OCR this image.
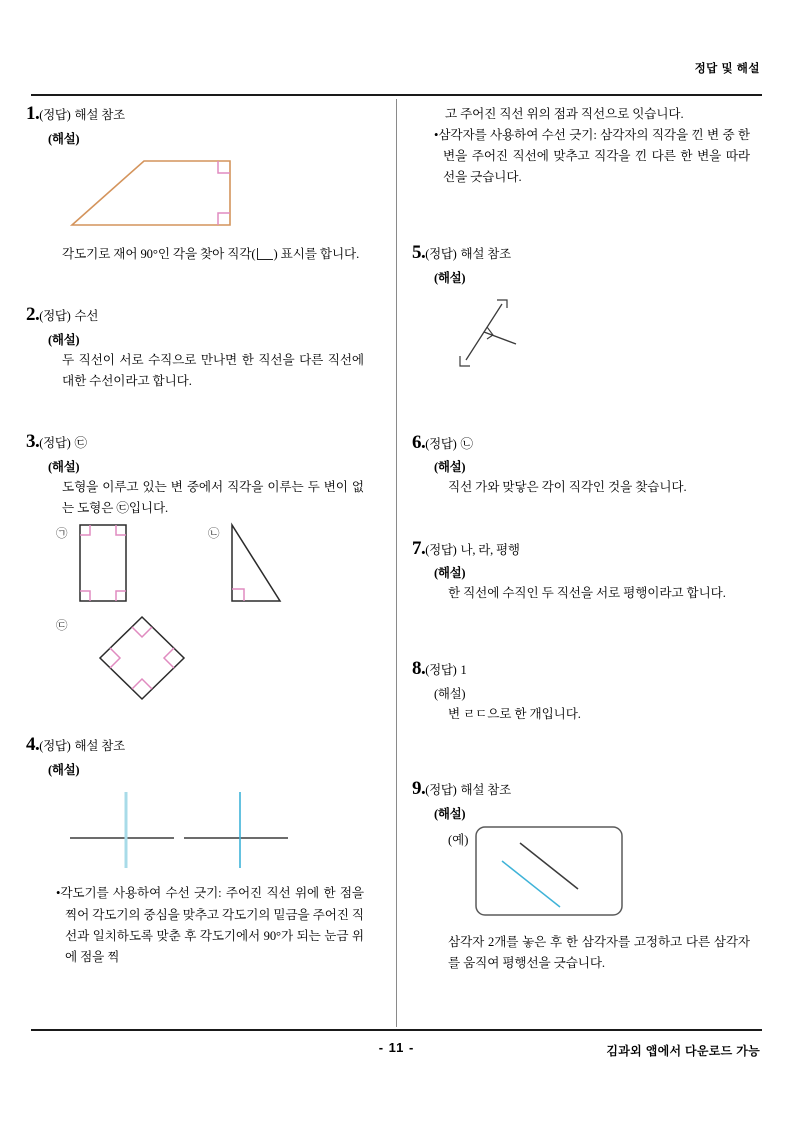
정답 및 해설
1.(정답) 해설 참조
(해설)
각도기로 재어 90°인 각을 찾아 직각( ) 표시를 합니다.
2.(정답) 수선
(해설)
두 직선이 서로 수직으로 만나면 한 직선을 다른 직선에 대한 수선이라고 합니다.
3.(정답) ㉢
(해설)
도형을 이루고 있는 변 중에서 직각을 이루는 두 변이 없는 도형은 ㉢입니다.
㉠	㉡
㉢
4.(정답) 해설 참조
(해설)
•각도기를 사용하여 수선 긋기: 주어진 직선 위에 한 점을 찍어 각도기의 중심을 맞추고 각도기의 밑금을 주어진 직선과 일치하도록 맞춘 후 각도기에서 90°가 되는 눈금 위에 점을 찍
고 주어진 직선 위의 점과 직선으로 잇습니다.
•삼각자를 사용하여 수선 긋기: 삼각자의 직각을 낀 변 중 한 변을 주어진 직선에 맞추고 직각을 낀 다른 한 변을 따라 선을 긋습니다.
5.(정답) 해설 참조
(해설)
6.(정답) ㉡
(해설)
직선 가와 맞닿은 각이 직각인 것을 찾습니다.
7.(정답) 나, 라, 평행
(해설)
한 직선에 수직인 두 직선을 서로 평행이라고 합니다.
8.(정답) 1
(해설)
변 ㄹㄷ으로 한 개입니다.
9.(정답) 해설 참조
(해설)
(예)
삼각자 2개를 놓은 후 한 삼각자를 고정하고 다른 삼각자를 움직여 평행선을 긋습니다.
- 11 -	김과외 앱에서 다운로드 가능
